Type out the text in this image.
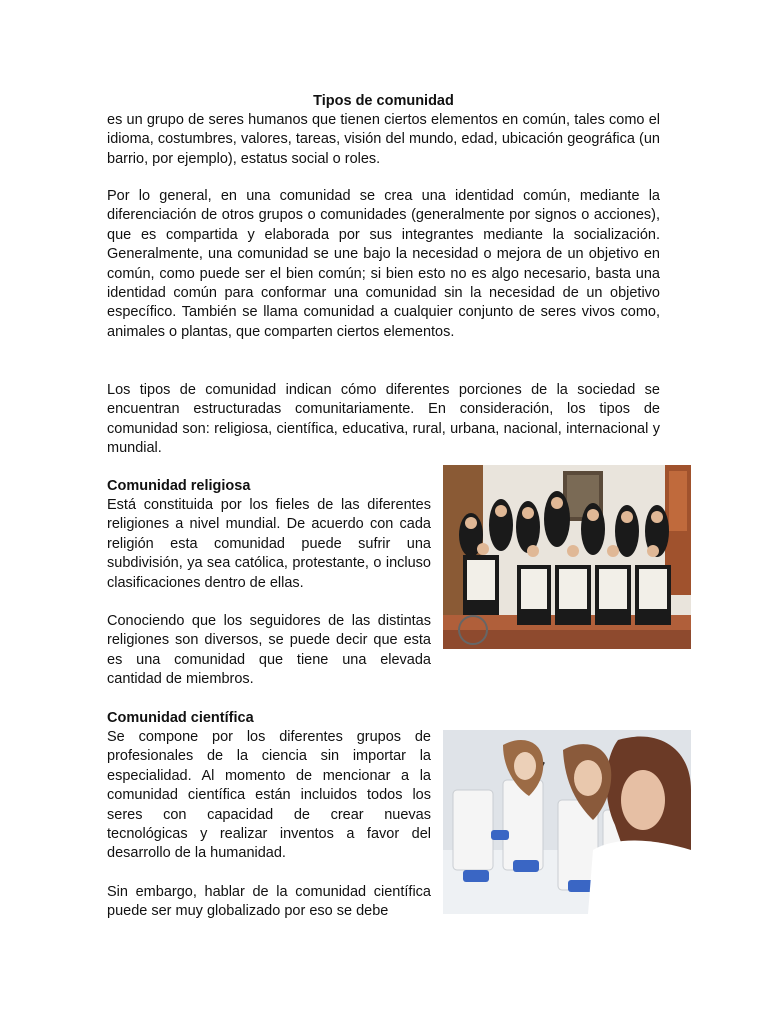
Tipos de comunidad

es un grupo de seres humanos que tienen ciertos elementos en común, tales como el idioma, costumbres, valores, tareas, visión del mundo, edad, ubicación geográfica (un barrio, por ejemplo), estatus social o roles.

Por lo general, en una comunidad se crea una identidad común, mediante la diferenciación de otros grupos o comunidades (generalmente por signos o acciones), que es compartida y elaborada por sus integrantes mediante la socialización. Generalmente, una comunidad se une bajo la necesidad o mejora de un objetivo en común, como puede ser el bien común; si bien esto no es algo necesario, basta una identidad común para conformar una comunidad sin la necesidad de un objetivo específico. También se llama comunidad a cualquier conjunto de seres vivos como, animales o plantas, que comparten ciertos elementos.

Los tipos de comunidad indican cómo diferentes porciones de la sociedad se encuentran estructuradas comunitariamente. En consideración, los tipos de comunidad son: religiosa, científica, educativa, rural, urbana, nacional, internacional y mundial.

Comunidad religiosa

Está constituida por los fieles de las diferentes religiones a nivel mundial. De acuerdo con cada religión esta comunidad puede sufrir una subdivisión, ya sea católica, protestante, o incluso clasificaciones dentro de ellas.

Conociendo que los seguidores de las distintas religiones son diversos, se puede decir que esta es una comunidad que tiene una elevada cantidad de miembros.

Comunidad científica

Se compone por los diferentes grupos de profesionales de la ciencia sin importar la especialidad. Al momento de mencionar a la comunidad científica están incluidos todos los seres con capacidad de crear nuevas tecnológicas y realizar inventos a favor del desarrollo de la humanidad.

Sin embargo, hablar de la comunidad científica puede ser muy globalizado por eso se debe
